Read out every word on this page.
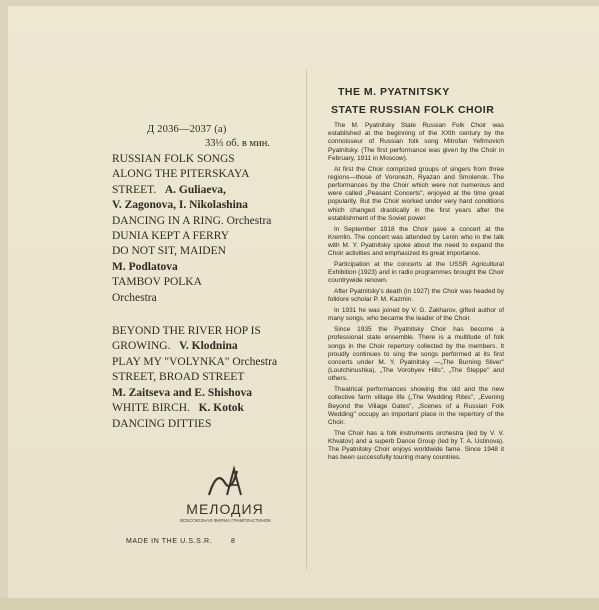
Д 2036—2037 (а)
33⅓ об. в мин.
RUSSIAN FOLK SONGS
ALONG THE PITERSKAYA
STREET. A. Guliaeva,
V. Zagonova, I. Nikolashina
DANCING IN A RING. Orchestra
DUNIA KEPT A FERRY
DO NOT SIT, MAIDEN
M. Podlatova
TAMBOV POLKA
Orchestra
BEYOND THE RIVER HOP IS
GROWING. V. Klodnina
PLAY MY "VOLYNKA" Orchestra
STREET, BROAD STREET
M. Zaitseva and E. Shishova
WHITE BIRCH. K. Kotok
DANCING DITTIES
МЕЛОДИЯ
ВСЕСОЮЗНАЯ ФИРМА ГРАМПЛАСТИНОК
MADE IN THE U.S.S.R.	8
THE M. PYATNITSKY
STATE RUSSIAN FOLK CHOIR

The M. Pyatnitsky State Russian Folk Choir was established at the beginning of the XXth century by the connoisseur of Russian folk song Mitrofan Yefimovich Pyatnitsky. (The first performance was given by the Choir in February, 1911 in Moscow).

At first the Choir comprized groups of singers from three regions—those of Voronezh, Ryazan and Smolensk. The performances by the Choir which were not numerous and were called „Peasant Concerts", enjoyed at the time great popularity. But the Choir worked under very hard conditions which changed drastically in the first years after the establishment of the Soviet power.

In September 1918 the Choir gave a concert at the Kremlin. The concert was attended by Lenin who in the talk with M. Y. Pyatnitsky spoke about the need to expand the Choir activities and emphasized its great importance.

Participation at the concerts at the USSR Agricultural Exhibition (1923) and in radio programmes brought the Choir countrywide renown.

After Pyatnitsky's death (in 1927) the Choir was headed by folklore scholar P. M. Kazmin.

In 1931 he was joined by V. G. Zakharov, gifted author of many songs, who became the leader of the Choir.

Since 1935 the Pyatnitsky Choir has become a professional state ensemble. There is a multitude of folk songs in the Choir repertory collected by the members. It proudly continues to sing the songs performed at its first concerts under M. Y. Pyatnitsky —„The Burning Sliver" (Loutchinushka), „The Vorobyev Hills", „The Steppe" and others.

Theatrical performances showing the old and the new collective farm village life („The Wedding Rites", „Evening Beyond the Village Gates", „Scenes of a Russian Folk Wedding" occupy an important place in the repertory of the Choir.

The Choir has a folk instruments orchestra (led by V. V. Khvatov) and a superb Dance Group (led by T. A. Ustinova). The Pyatnitsky Choir enjoys worldwide fame. Since 1948 it has been successfully touring many countries.
